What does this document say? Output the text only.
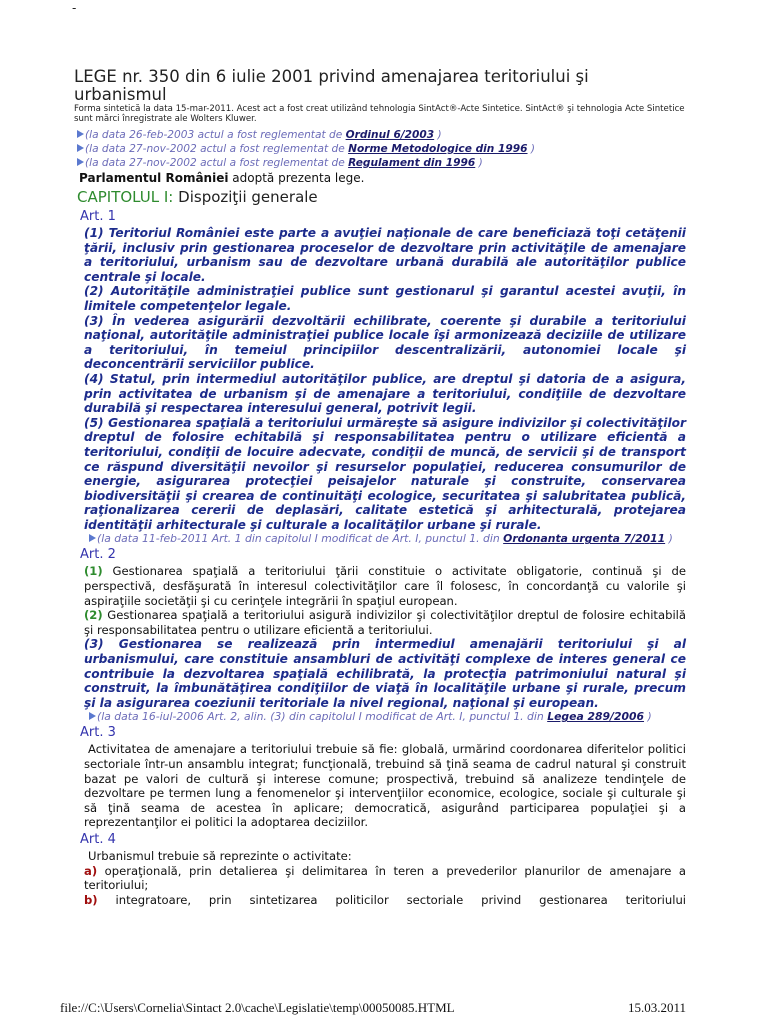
-
LEGE nr. 350 din 6 iulie 2001 privind amenajarea teritoriului şi urbanismul
Forma sintetică la data 15-mar-2011. Acest act a fost creat utilizând tehnologia SintAct®-Acte Sintetice. SintAct® şi tehnologia Acte Sintetice sunt mărci înregistrate ale Wolters Kluwer.
(la data 26-feb-2003 actul a fost reglementat de Ordinul 6/2003 )
(la data 27-nov-2002 actul a fost reglementat de Norme Metodologice din 1996 )
(la data 27-nov-2002 actul a fost reglementat de Regulament din 1996 )
Parlamentul României adoptă prezenta lege.
CAPITOLUL I: Dispoziţii generale
Art. 1
(1) Teritoriul României este parte a avuţiei naţionale de care beneficiază toţi cetăţenii ţării, inclusiv prin gestionarea proceselor de dezvoltare prin activităţile de amenajare a teritoriului, urbanism sau de dezvoltare urbană durabilă ale autorităţilor publice centrale şi locale.
(2) Autorităţile administraţiei publice sunt gestionarul şi garantul acestei avuţii, în limitele competenţelor legale.
(3) În vederea asigurării dezvoltării echilibrate, coerente şi durabile a teritoriului naţional, autorităţile administraţiei publice locale îşi armonizează deciziile de utilizare a teritoriului, în temeiul principiilor descentralizării, autonomiei locale şi deconcentrării serviciilor publice.
(4) Statul, prin intermediul autorităţilor publice, are dreptul şi datoria de a asigura, prin activitatea de urbanism şi de amenajare a teritoriului, condiţiile de dezvoltare durabilă şi respectarea interesului general, potrivit legii.
(5) Gestionarea spaţială a teritoriului urmăreşte să asigure indivizilor şi colectivităţilor dreptul de folosire echitabilă şi responsabilitatea pentru o utilizare eficientă a teritoriului, condiţii de locuire adecvate, condiţii de muncă, de servicii şi de transport ce răspund diversităţii nevoilor şi resurselor populaţiei, reducerea consumurilor de energie, asigurarea protecţiei peisajelor naturale şi construite, conservarea biodiversităţii şi crearea de continuităţi ecologice, securitatea şi salubritatea publică, raţionalizarea cererii de deplasări, calitate estetică şi arhitecturală, protejarea identităţii arhitecturale şi culturale a localităţilor urbane şi rurale.
(la data 11-feb-2011 Art. 1 din capitolul I modificat de Art. I, punctul 1. din Ordonanta urgenta 7/2011 )
Art. 2
(1) Gestionarea spaţială a teritoriului ţării constituie o activitate obligatorie, continuă şi de perspectivă, desfăşurată în interesul colectivităţilor care îl folosesc, în concordanţă cu valorile şi aspiraţiile societăţii şi cu cerinţele integrării în spaţiul european.
(2) Gestionarea spaţială a teritoriului asigură indivizilor şi colectivităţilor dreptul de folosire echitabilă şi responsabilitatea pentru o utilizare eficientă a teritoriului.
(3) Gestionarea se realizează prin intermediul amenajării teritoriului şi al urbanismului, care constituie ansambluri de activităţi complexe de interes general ce contribuie la dezvoltarea spaţială echilibrată, la protecţia patrimoniului natural şi construit, la îmbunătăţirea condiţiilor de viaţă în localităţile urbane şi rurale, precum şi la asigurarea coeziunii teritoriale la nivel regional, naţional şi european.
(la data 16-iul-2006 Art. 2, alin. (3) din capitolul I modificat de Art. I, punctul 1. din Legea 289/2006 )
Art. 3
Activitatea de amenajare a teritoriului trebuie să fie: globală, urmărind coordonarea diferitelor politici sectoriale într-un ansamblu integrat; funcţională, trebuind să ţină seama de cadrul natural şi construit bazat pe valori de cultură şi interese comune; prospectivă, trebuind să analizeze tendinţele de dezvoltare pe termen lung a fenomenelor şi intervenţiilor economice, ecologice, sociale şi culturale şi să ţină seama de acestea în aplicare; democratică, asigurând participarea populaţiei şi a reprezentanţilor ei politici la adoptarea deciziilor.
Art. 4
Urbanismul trebuie să reprezinte o activitate:
a) operaţională, prin detalierea şi delimitarea în teren a prevederilor planurilor de amenajare a teritoriului;
b) integratoare, prin sintetizarea politicilor sectoriale privind gestionarea teritoriului
file://C:\Users\Cornelia\Sintact 2.0\cache\Legislatie\temp\00050085.HTML	15.03.2011
